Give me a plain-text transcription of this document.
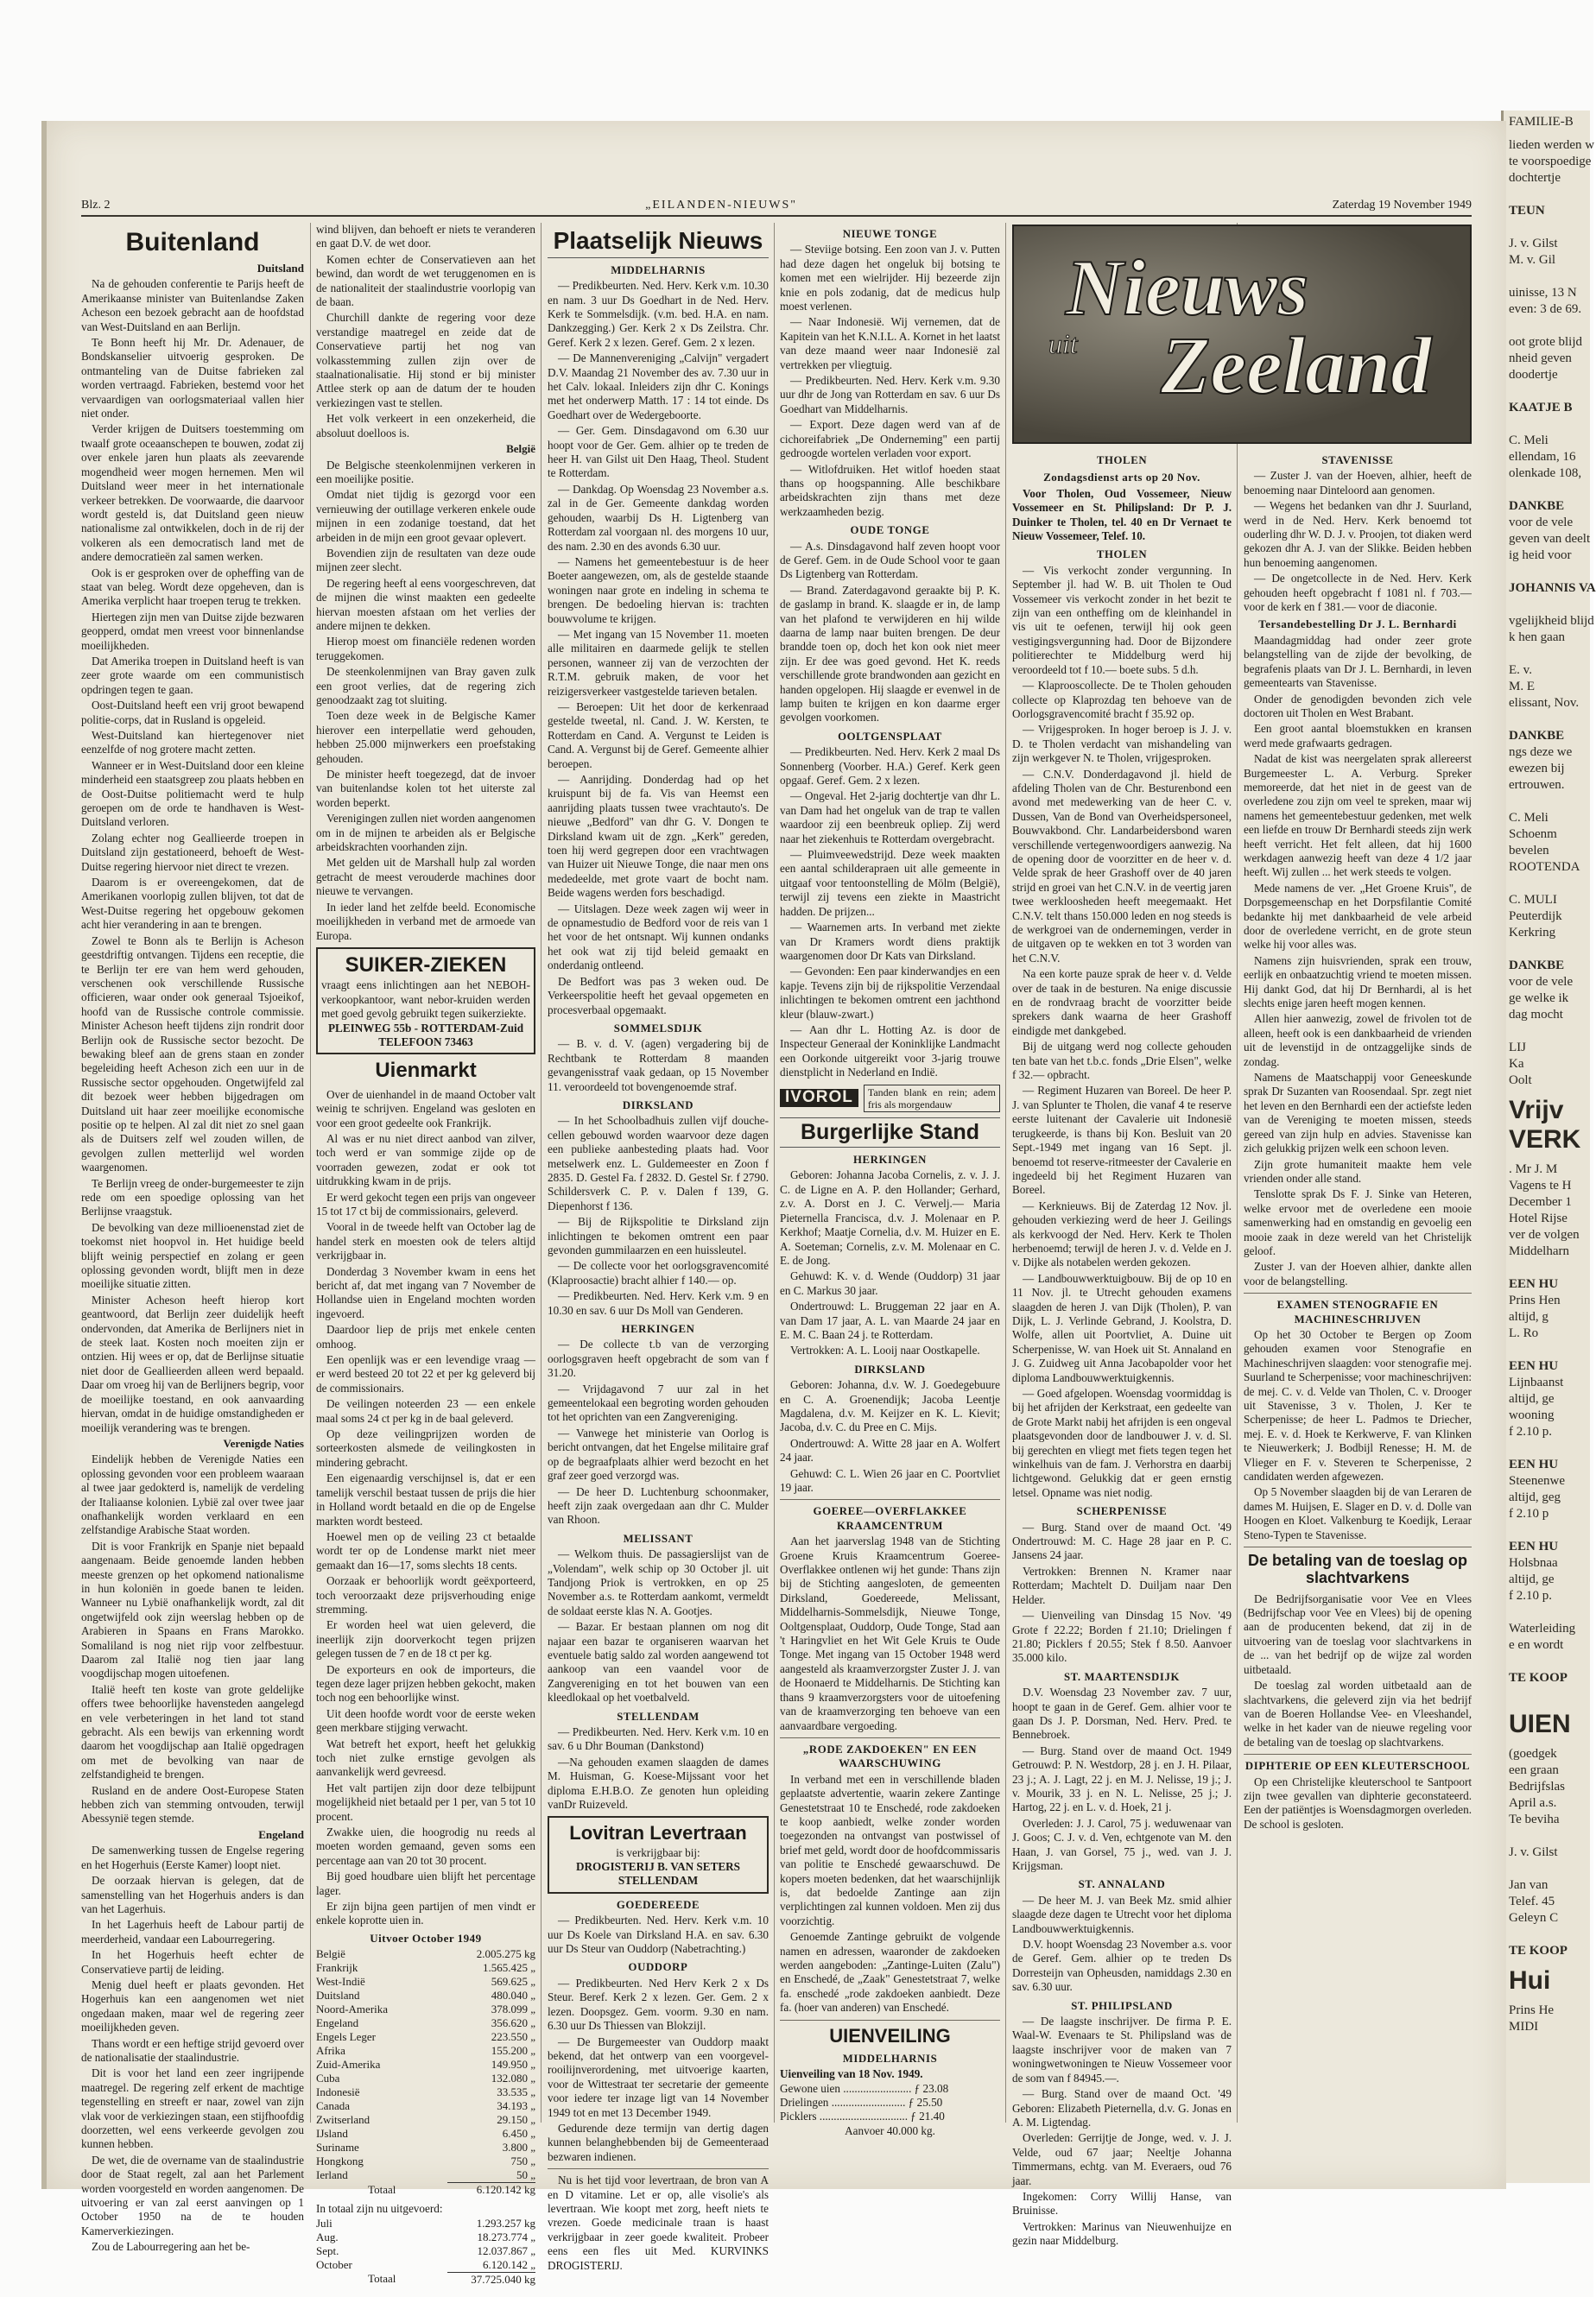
FAMILIE-B
lieden werden w
te voorspoedige
dochtertje

TEUN

J. v. Gilst
M. v. Gil

uinisse, 13 N
even: 3 de 69.

oot grote blijd
nheid geven
doodertje

KAATJE B

C. Meli
ellendam, 16
olenkade 108,

DANKBE
voor de vele
geven van deelt
ig heid voor

JOHANNIS VA

vgelijkheid blijd
k hen gaan

E. v.
M. E
elissant, Nov.

DANKBE
ngs deze we
ewezen bij
ertrouwen.

C. Meli
Schoenm
bevelen
ROOTENDA

C. MULI
Peuterdijk
Kerkring

DANKBE
voor de vele
ge welke ik
dag mocht

LIJ
Ka
Oolt
Vrijv
VERK
. Mr J. M
Vagens te H
December 1
Hotel Rijse
ver de volgen
Middelharn

EEN HU
Prins Hen
altijd, g
L. Ro

EEN HU
Lijnbaanst
altijd, ge
wooning
f 2.10 p.

EEN HU
Steenenwe
altijd, geg
f 2.10 p

EEN HU
Holsbnaa
altijd, ge
f 2.10 p.

Waterleiding
e en wordt

TE KOOP

UIEN
(goedgek
een graan
Bedrijfslas
April a.s.
Te beviha

J. v. Gilst

Jan van
Telef. 45
Geleyn C

TE KOOP

Hui
Prins He
MIDI
Blz. 2	„EILANDEN-NIEUWS"	Zaterdag 19 November 1949
Buitenland
Duitsland

Na de gehouden conferentie te Parijs heeft de Amerikaanse minister van Buitenlandse Zaken Acheson een bezoek gebracht aan de hoofdstad van West-Duitsland en aan Berlijn.

Te Bonn heeft hij Mr. Dr. Adenauer, de Bondskanselier uitvoerig gesproken. De ontmanteling van de Duitse fabrieken zal worden vertraagd. Fabrieken, bestemd voor het vervaardigen van oorlogsmateriaal vallen hier niet onder.

Verder krijgen de Duitsers toestemming om twaalf grote oceaanschepen te bouwen, zodat zij over enkele jaren hun plaats als zeevarende mogendheid weer mogen hernemen. Men wil Duitsland weer meer in het internationale verkeer betrekken. De voorwaarde, die daarvoor wordt gesteld is, dat Duitsland geen nieuw nationalisme zal ontwikkelen, doch in de rij der volkeren als een democratisch land met de andere democratieën zal samen werken.

Ook is er gesproken over de opheffing van de staat van beleg. Wordt deze opgeheven, dan is Amerika verplicht haar troepen terug te trekken.

Hiertegen zijn men van Duitse zijde bezwaren geopperd, omdat men vreest voor binnenlandse moeilijkheden.

Dat Amerika troepen in Duitsland heeft is van zeer grote waarde om een communistisch opdringen tegen te gaan.

Oost-Duitsland heeft een vrij groot bewapend politie-corps, dat in Rusland is opgeleid.

West-Duitsland kan hiertegenover niet eenzelfde of nog grotere macht zetten.

Wanneer er in West-Duitsland door een kleine minderheid een staatsgreep zou plaats hebben en de Oost-Duitse politiemacht werd te hulp geroepen om de orde te handhaven is West-Duitsland verloren.

Zolang echter nog Geallieerde troepen in Duitsland zijn gestationeerd, behoeft de West-Duitse regering hiervoor niet direct te vrezen.

Daarom is er overeengekomen, dat de Amerikanen voorlopig zullen blijven, tot dat de West-Duitse regering het opgebouw gekomen acht hier verandering in aan te brengen.

Zowel te Bonn als te Berlijn is Acheson geestdriftig ontvangen. Tijdens een receptie, die te Berlijn ter ere van hem werd gehouden, verschenen ook verschillende Russische officieren, waar onder ook generaal Tsjoeikof, hoofd van de Russische controle commissie. Minister Acheson heeft tijdens zijn rondrit door Berlijn ook de Russische sector bezocht. De bewaking bleef aan de grens staan en zonder begeleiding heeft Acheson zich een uur in de Russische sector opgehouden. Ongetwijfeld zal dit bezoek weer hebben bijgedragen om Duitsland uit haar zeer moeilijke economische positie op te helpen. Al zal dit niet zo snel gaan als de Duitsers zelf wel zouden willen, de gevolgen zullen metterlijd wel worden waargenomen.

Te Berlijn vreeg de onder-burgemeester te zijn rede om een spoedige oplossing van het Berlijnse vraagstuk.

De bevolking van deze millioenenstad ziet de toekomst niet hoopvol in. Het huidige beeld blijft weinig perspectief en zolang er geen oplossing gevonden wordt, blijft men in deze moeilijke situatie zitten.

Minister Acheson heeft hierop kort geantwoord, dat Berlijn zeer duidelijk heeft ondervonden, dat Amerika de Berlijners niet in de steek laat. Kosten noch moeiten zijn er ontzien. Hij wees er op, dat de Berlijnse situatie niet door de Geallieerden alleen werd bepaald. Daar om vroeg hij van de Berlijners begrip, voor de moeilijke toestand, en ook aanvaarding hiervan, omdat in de huidige omstandigheden er moeilijk verandering was te brengen.

Verenigde Naties

Eindelijk hebben de Verenigde Naties een oplossing gevonden voor een probleem waaraan al twee jaar gedokterd is, namelijk de verdeling der Italiaanse kolonien. Lybië zal over twee jaar onafhankelijk worden verklaard en een zelfstandige Arabische Staat worden.

Dit is voor Frankrijk en Spanje niet bepaald aangenaam. Beide genoemde landen hebben meeste grenzen op het opkomend nationalisme in hun koloniën in goede banen te leiden. Wanneer nu Lybië onafhankelijk wordt, zal dit ongetwijfeld ook zijn weerslag hebben op de Arabieren in Spaans en Frans Marokko. Somaliland is nog niet rijp voor zelfbestuur. Daarom zal Italië nog tien jaar lang voogdijschap mogen uitoefenen.

Italië heeft ten koste van grote geldelijke offers twee behoorlijke havensteden aangelegd en vele verbeteringen in het land tot stand gebracht. Als een bewijs van erkenning wordt daarom het voogdijschap aan Italië opgedragen om met de bevolking van naar de zelfstandigheid te brengen.

Rusland en de andere Oost-Europese Staten hebben zich van stemming ontvouden, terwijl Abessynië tegen stemde.

Engeland

De samenwerking tussen de Engelse regering en het Hogerhuis (Eerste Kamer) loopt niet.

De oorzaak hiervan is gelegen, dat de samenstelling van het Hogerhuis anders is dan van het Lagerhuis.

In het Lagerhuis heeft de Labour partij de meerderheid, vandaar een Labourregering.

In het Hogerhuis heeft echter de Conservatieve partij de leiding.

Menig duel heeft er plaats gevonden. Het Hogerhuis kan een aangenomen wet niet ongedaan maken, maar wel de regering zeer moeilijkheden geven.

Thans wordt er een heftige strijd gevoerd over de nationalisatie der staalindustrie.

Dit is voor het land een zeer ingrijpende maatregel. De regering zelf erkent de machtige tegenstelling en streeft er naar, zowel van zijn vlak voor de verkiezingen staan, een stijfhoofdig doorzetten, wel eens verkeerde gevolgen zou kunnen hebben.

De wet, die de overname van de staalindustrie door de Staat regelt, zal aan het Parlement worden voorgesteld en worden aangenomen. De uitvoering er van zal eerst aanvingen op 1 October 1950 na de te houden Kamerverkiezingen.

Zou de Labourregering aan het be-

wind blijven, dan behoeft er niets te veranderen en gaat D.V. de wet door.

Komen echter de Conservatieven aan het bewind, dan wordt de wet teruggenomen en is de nationaliteit der staalindustrie voorlopig van de baan.

Churchill dankte de regering voor deze verstandige maatregel en zeide dat de Conservatieve partij het nog van volkasstemming zullen zijn over de staalnationalisatie. Hij stond er bij minister Attlee sterk op aan de datum der te houden verkiezingen vast te stellen.

Het volk verkeert in een onzekerheid, die absoluut doelloos is.

België

De Belgische steenkolenmijnen verkeren in een moeilijke positie.

Omdat niet tijdig is gezorgd voor een vernieuwing der outillage verkeren enkele oude mijnen in een zodanige toestand, dat het arbeiden in de mijn een groot gevaar oplevert.

Bovendien zijn de resultaten van deze oude mijnen zeer slecht.

De regering heeft al eens voorgeschreven, dat de mijnen die winst maakten een gedeelte hiervan moesten afstaan om het verlies der andere mijnen te dekken.

Hierop moest om financiële redenen worden teruggekomen.

De steenkolenmijnen van Bray gaven zulk een groot verlies, dat de regering zich genoodzaakt zag tot sluiting.

Toen deze week in de Belgische Kamer hierover een interpellatie werd gehouden, hebben 25.000 mijnwerkers een proefstaking gehouden.

De minister heeft toegezegd, dat de invoer van buitenlandse kolen tot het uiterste zal worden beperkt.

Verenigingen zullen niet worden aangenomen om in de mijnen te arbeiden als er Belgische arbeidskrachten voorhanden zijn.

Met gelden uit de Marshall hulp zal worden getracht de meest verouderde machines door nieuwe te vervangen.

In ieder land het zelfde beeld. Economische moeilijkheden in verband met de armoede van Europa.

SUIKER-ZIEKEN
vraagt eens inlichtingen aan het NEBOH-verkoopkantoor, want nebor-kruiden werden met goed gevolg gebruikt tegen suikerziekte.
PLEINWEG 55b - ROTTERDAM-Zuid
TELEFOON 73463
Uienmarkt

Over de uienhandel in de maand October valt weinig te schrijven. Engeland was gesloten en voor een groot gedeelte ook Frankrijk.

Al was er nu niet direct aanbod van zilver, toch werd er van sommige zijde op de voorraden gewezen, zodat er ook tot uitdrukking kwam in de prijs.

Er werd gekocht tegen een prijs van ongeveer 15 tot 17 ct bij de commissionairs, geleverd.

Vooral in de tweede helft van October lag de handel sterk en moesten ook de telers altijd verkrijgbaar in.

Donderdag 3 November kwam in eens het bericht af, dat met ingang van 7 November de Hollandse uien in Engeland mochten worden ingevoerd.

Daardoor liep de prijs met enkele centen omhoog.

Een openlijk was er een levendige vraag — er werd besteed 20 tot 22 et per kg geleverd bij de commissionairs.

De veilingen noteerden 23 — een enkele maal soms 24 ct per kg in de baal geleverd.

Op deze veilingprijzen worden de sorteerkosten alsmede de veilingkosten in mindering gebracht.

Een eigenaardig verschijnsel is, dat er een tamelijk verschil bestaat tussen de prijs die hier in Holland wordt betaald en die op de Engelse markten wordt besteed.

Hoewel men op de veiling 23 ct betaalde wordt ter op de Londense markt niet meer gemaakt dan 16—17, soms slechts 18 cents.

Oorzaak er behoorlijk wordt geëxporteerd, toch veroorzaakt deze prijsverhouding enige stremming.

Er worden heel wat uien geleverd, die ineerlijk zijn doorverkocht tegen prijzen gelegen tussen de 7 en de 18 ct per kg.

De exporteurs en ook de importeurs, die tegen deze lager prijzen hebben gekocht, maken toch nog een behoorlijke winst.

Uit deen hoofde wordt voor de eerste weken geen merkbare stijging verwacht.

Wat betreft het export, heeft het gelukkig toch niet zulke ernstige gevolgen als aanvankelijk werd gevreesd.

Het valt partijen zijn door deze telbijpunt mogelijkheid niet betaald per 1 per, van 5 tot 10 procent.

Zwakke uien, die hoogrodig nu reeds al moeten worden gemaand, geven soms een percentage aan van 20 tot 30 procent.

Bij goed houdbare uien blijft het percentage lager.

Er zijn bijna geen partijen of men vindt er enkele koprotte uien in.

Uitvoer October 1949
België	2.005.275 kg
Frankrijk	1.565.425 „
West-Indië	569.625 „
Duitsland	480.040 „
Noord-Amerika	378.099 „
Engeland	356.620 „
Engels Leger	223.550 „
Afrika	155.200 „
Zuid-Amerika	149.950 „
Cuba	132.080 „
Indonesië	33.535 „
Canada	34.193 „
Zwitserland	29.150 „
IJsland	6.450 „
Suriname	3.800 „
Hongkong	750 „
Ierland	50 „
Totaal	6.120.142 kg
In totaal zijn nu uitgevoerd:
Juli	1.293.257 kg
Aug.	18.273.774 „
Sept.	12.037.867 „
October	6.120.142 „
Totaal	37.725.040 kg
Plaatselijk Nieuws
MIDDELHARNIS

— Predikbeurten. Ned. Herv. Kerk v.m. 10.30 en nam. 3 uur Ds Goedhart in de Ned. Herv. Kerk te Sommelsdijk. (v.m. bed. H.A. en nam. Dankzegging.) Ger. Kerk 2 x Ds Zeilstra. Chr. Geref. Kerk 2 x lezen. Geref. Gem. 2 x lezen.

— De Mannenvereniging „Calvijn" vergadert D.V. Maandag 21 November des av. 7.30 uur in het Calv. lokaal. Inleiders zijn dhr C. Konings met het onderwerp Matth. 17 : 14 tot einde. Ds Goedhart over de Wedergeboorte.

— Ger. Gem. Dinsdagavond om 6.30 uur hoopt voor de Ger. Gem. alhier op te treden de heer H. van Gilst uit Den Haag, Theol. Student te Rotterdam.

— Dankdag. Op Woensdag 23 November a.s. zal in de Ger. Gemeente dankdag worden gehouden, waarbij Ds H. Ligtenberg van Rotterdam zal voorgaan nl. des morgens 10 uur, des nam. 2.30 en des avonds 6.30 uur.

— Namens het gemeentebestuur is de heer Boeter aangewezen, om, als de gestelde staande woningen naar grote en indeling in schema te brengen. De bedoeling hiervan is: trachten bouwvolume te krijgen.

— Met ingang van 15 November 11. moeten alle militairen en daarmede gelijk te stellen personen, wanneer zij van de verzochten der R.T.M. gebruik maken, de voor het reizigersverkeer vastgestelde tarieven betalen.

— Beroepen: Uit het door de kerkenraad gestelde tweetal, nl. Cand. J. W. Kersten, te Rotterdam en Cand. A. Vergunst te Leiden is Cand. A. Vergunst bij de Geref. Gemeente alhier beroepen.

— Aanrijding. Donderdag had op het kruispunt bij de fa. Vis van Heemst een aanrijding plaats tussen twee vrachtauto's. De nieuwe „Bedford" van dhr G. V. Dongen te Dirksland kwam uit de zgn. „Kerk" gereden, toen hij werd gegrepen door een vrachtwagen van Huizer uit Nieuwe Tonge, die naar men ons mededeelde, met grote vaart de bocht nam. Beide wagens werden fors beschadigd.

— Uitslagen. Deze week zagen wij weer in de opnamestudio de Bedford voor de reis van 1 het voor de het ontsnapt. Wij kunnen ondanks het ook wat zij tijd beleid gemaakt en onderdanig ontleend.

De Bedfort was pas 3 weken oud. De Verkeerspolitie heeft het gevaal opgemeten en procesverbaal opgemaakt.

SOMMELSDIJK

— B. v. d. V. (agen) vergadering bij de Rechtbank te Rotterdam 8 maanden gevangenisstraf vaak gedaan, op 15 November 11. veroordeeld tot bovengenoemde straf.

DIRKSLAND

— In het Schoolbadhuis zullen vijf douche-cellen gebouwd worden waarvoor deze dagen een publieke aanbesteding plaats had. Voor metselwerk enz. L. Guldemeester en Zoon f 2835. D. Gestel Fa. f 2832. D. Gestel Sr. f 2790. Schildersverk C. P. v. Dalen f 139, G. Diepenhorst f 136.

— Bij de Rijkspolitie te Dirksland zijn inlichtingen te bekomen omtrent een paar gevonden gummilaarzen en een huissleutel.

— De collecte voor het oorlogsgravencomité (Klaproosactie) bracht alhier f 140.— op.

— Predikbeurten. Ned. Herv. Kerk v.m. 9 en 10.30 en sav. 6 uur Ds Moll van Genderen.

HERKINGEN

— De collecte t.b van de verzorging oorlogsgraven heeft opgebracht de som van f 31.20.

— Vrijdagavond 7 uur zal in het gemeentelokaal een begroting worden gehouden tot het oprichten van een Zangvereniging.

— Vanwege het ministerie van Oorlog is bericht ontvangen, dat het Engelse militaire graf op de begraafplaats alhier werd bezocht en het graf zeer goed verzorgd was.

— De heer D. Luchtenburg schoonmaker, heeft zijn zaak overgedaan aan dhr C. Mulder van Rhoon.

MELISSANT

— Welkom thuis. De passagierslijst van de „Volendam", welk schip op 30 October jl. uit Tandjong Priok is vertrokken, en op 25 November a.s. te Rotterdam aankomt, vermeldt de soldaat eerste klas N. A. Gootjes.

— Bazar. Er bestaan plannen om nog dit najaar een bazar te organiseren waarvan het eventuele batig saldo zal worden aangewend tot aankoop van een vaandel voor de Zangvereniging en tot het bouwen van een kleedlokaal op het voetbalveld.

STELLENDAM

— Predikbeurten. Ned. Herv. Kerk v.m. 10 en sav. 6 u Dhr Bouman (Dankstond)

—Na gehouden examen slaagden de dames M. Huisman, G. Koese-Mijssant voor het diploma E.H.B.O. Ze genoten hun opleiding vanDr Ruizeveld.

Lovitran Levertraan
is verkrijgbaar bij:
DROGISTERIJ B. VAN SETERS
STELLENDAM
GOEDEREEDE

— Predikbeurten. Ned. Herv. Kerk v.m. 10 uur Ds Koele van Dirksland H.A. en sav. 6.30 uur Ds Steur van Ouddorp (Nabetrachting.)

OUDDORP

— Predikbeurten. Ned Herv Kerk 2 x Ds Steur. Beref. Kerk 2 x lezen. Ger. Gem. 2 x lezen. Doopsgez. Gem. voorm. 9.30 en nam. 6.30 uur Ds Thiessen van Blokzijl.

— De Burgemeester van Ouddorp maakt bekend, dat het ontwerp van een voorgevel-rooilijnverordening, met uitvoerige kaarten, voor de Wittestraat ter secretarie der gemeente voor iedere ter inzage ligt van 14 November 1949 tot en met 13 December 1949.

Gedurende deze termijn van dertig dagen kunnen belanghebbenden bij de Gemeenteraad bezwaren indienen.

Nu is het tijd voor levertraan, de bron van A en D vitamine. Let er op, alle visolie's als levertraan. Wie koopt met zorg, heeft niets te vrezen. Goede medicinale traan is haast verkrijgbaar in zeer goede kwaliteit. Probeer eens een fles uit Med. KURVINKS DROGISTERIJ.

NIEUWE TONGE

— Steviige botsing. Een zoon van J. v. Putten had deze dagen het ongeluk bij botsing te komen met een wielrijder. Hij bezeerde zijn knie en pols zodanig, dat de medicus hulp moest verlenen.

— Naar Indonesië. Wij vernemen, dat de Kapitein van het K.N.I.L. A. Kornet in het laatst van deze maand weer naar Indonesië zal vertrekken per vliegtuig.

— Predikbeurten. Ned. Herv. Kerk v.m. 9.30 uur dhr de Jong van Rotterdam en sav. 6 uur Ds Goedhart van Middelharnis.

— Export. Deze dagen werd van af de cichoreifabriek „De Onderneming" een partij gedroogde wortelen verladen voor export.

— Witlofdruiken. Het witlof hoeden staat thans op hoogspanning. Alle beschikbare arbeidskrachten zijn thans met deze werkzaamheden bezig.

OUDE TONGE

— A.s. Dinsdagavond half zeven hoopt voor de Geref. Gem. in de Oude School voor te gaan Ds Ligtenberg van Rotterdam.

— Brand. Zaterdagavond geraakte bij P. K. de gaslamp in brand. K. slaagde er in, de lamp van het plafond te verwijderen en hij wilde daarna de lamp naar buiten brengen. De deur brandde toen op, doch het kon ook niet meer zijn. Er dee was goed gevond. Het K. reeds verschillende grote brandwonden aan gezicht en handen opgelopen. Hij slaagde er evenwel in de lamp buiten te krijgen en kon daarme erger gevolgen voorkomen.

OOLTGENSPLAAT

— Predikbeurten. Ned. Herv. Kerk 2 maal Ds Sonnenberg (Voorber. H.A.) Geref. Kerk geen opgaaf. Geref. Gem. 2 x lezen.

— Ongeval. Het 2-jarig dochtertje van dhr L. van Dam had het ongeluk van de trap te vallen waardoor zij een beenbreuk opliep. Zij werd naar het ziekenhuis te Rotterdam overgebracht.

— Pluimveewedstrijd. Deze week maakten een aantal schilderapraen uit alle gemeente in uitgaaf voor tentoonstelling de Mölm (België), terwijl zij tevens een ziekte in Maastricht hadden. De prijzen...

— Waarnemen arts. In verband met ziekte van Dr Kramers wordt diens praktijk waargenomen door Dr Kats van Dirksland.

— Gevonden: Een paar kinderwandjes en een kapje. Tevens zijn bij de rijkspolitie Verzendaal inlichtingen te bekomen omtrent een jachthond kleur (blauw-zwart.)

— Aan dhr L. Hotting Az. is door de Inspecteur Generaal der Koninklijke Landmacht een Oorkonde uitgereikt voor 3-jarig trouwe dienstplicht in Nederland en Indië.

IVOROL	Tanden blank en rein; adem fris als morgendauw
Burgerlijke Stand
HERKINGEN

Geboren: Johanna Jacoba Cornelis, z. v. J. J. C. de Ligne en A. P. den Hollander; Gerhard, z.v. A. Dorst en J. C. Verwelj.— Maria Pieternella Francisca, d.v. J. Molenaar en P. Kerkhof; Maatje Cornelia, d.v. M. Huizer en E. A. Soeteman; Cornelis, z.v. M. Molenaar en C. E. de Jong.

Gehuwd: K. v. d. Wende (Ouddorp) 31 jaar en C. Markus 30 jaar.

Ondertrouwd: L. Bruggeman 22 jaar en A. van Dam 17 jaar, A. L. van Maarde 24 jaar en E. M. C. Baan 24 j. te Rotterdam.

Vertrokken: A. L. Looij naar Oostkapelle.

DIRKSLAND

Geboren: Johanna, d.v. W. J. Goedegebuure en C. A. Groenendijk; Jacoba Leentje Magdalena, d.v. M. Keijzer en K. L. Kievit; Jacoba, d.v. C. du Pree en C. Mijs.

Ondertrouwd: A. Witte 28 jaar en A. Wolfert 24 jaar.

Gehuwd: C. L. Wien 26 jaar en C. Poortvliet 19 jaar.

GOEREE—OVERFLAKKEE KRAAMCENTRUM

Aan het jaarverslag 1948 van de Stichting Groene Kruis Kraamcentrum Goeree-Overflakkee ontlenen wij het gunde: Thans zijn bij de Stichting aangesloten, de gemeenten Dirksland, Goedereede, Melissant, Middelharnis-Sommelsdijk, Nieuwe Tonge, Ooltgensplaat, Ouddorp, Oude Tonge, Stad aan 't Haringvliet en het Wit Gele Kruis te Oude Tonge. Met ingang van 15 October 1948 werd aangesteld als kraamverzorgster Zuster J. J. van de Hoonaerd te Middelharnis. De Stichting kan thans 9 kraamverzorgsters voor de uitoefening van de kraamverzorging ten behoeve van een aanvaardbare vergoeding.

„RODE ZAKDOEKEN" EN EEN WAARSCHUWING

In verband met een in verschillende bladen geplaatste advertentie, waarin zekere Zantinge Genestetstraat 10 te Enschedé, rode zakdoeken te koop aanbiedt, welke zonder worden toegezonden na ontvangst van postwissel of brief met geld, wordt door de hoofdcommissaris van politie te Enschedé gewaarschuwd. De kopers moeten bedenken, dat het waarschijnlijk is, dat bedoelde Zantinge aan zijn verplichtingen zal kunnen voldoen. Men zij dus voorzichtig.

Genoemde Zantinge gebruikt de volgende namen en adressen, waaronder de zakdoeken werden aangeboden: „Zantinge-Luiten (Zalu") en Enschedé, de „Zaak" Genestetstraat 7, welke fa. enschedé „rode zakdoeken aanbiedt. Deze fa. (hoer van anderen) van Enschedé.

UIENVEILING
MIDDELHARNIS
Uienveiling van 18 Nov. 1949.
Gewone uien ........................ ƒ 23.08
Drielingen .......................... ƒ 25.50
Picklers ............................... ƒ 21.40
Aanvoer 40.000 kg.
Nieuws
uit Zeeland
THOLEN
Zondagsdienst arts op 20 Nov.

Voor Tholen, Oud Vossemeer, Nieuw Vossemeer en St. Philipsland: Dr P. J. Duinker te Tholen, tel. 40 en Dr Vernaet te Nieuw Vossemeer, Telef. 10.

THOLEN

— Vis verkocht zonder vergunning. In September jl. had W. B. uit Tholen te Oud Vossemeer vis verkocht zonder in het bezit te zijn van een ontheffing om de kleinhandel in vis uit te oefenen, terwijl hij ook geen vestigingsvergunning had. Door de Bijzondere politierechter te Middelburg werd hij veroordeeld tot f 10.— boete subs. 5 d.h.

— Klaprooscollecte. De te Tholen gehouden collecte op Klaprozdag ten behoeve van de Oorlogsgravencomité bracht f 35.92 op.

— Vrijgesproken. In hoger beroep is J. J. v. D. te Tholen verdacht van mishandeling van zijn werkgever N. te Tholen, vrijgesproken.

— C.N.V. Donderdagavond jl. hield de afdeling Tholen van de Chr. Besturenbond een avond met medewerking van de heer C. v. Dussen, Van de Bond van Overheidspersoneel, Bouwvakbond. Chr. Landarbeidersbond waren verschillende vertegenwoordigers aanwezig. Na de opening door de voorzitter en de heer v. d. Velde sprak de heer Grashoff over de 40 jaren strijd en groei van het C.N.V. in de veertig jaren twee werkloosheden heeft meegemaakt. Het C.N.V. telt thans 150.000 leden en nog steeds is de werkgroei van de ondernemingen, verder in de uitgaven op te wekken en tot 3 worden van het C.N.V.

Na een korte pauze sprak de heer v. d. Velde over de taak in de besturen. Na enige discussie en de rondvraag bracht de voorzitter beide sprekers dank waarna de heer Grashoff eindigde met dankgebed.

Bij de uitgang werd nog collecte gehouden ten bate van het t.b.c. fonds „Drie Elsen", welke f 32.— opbracht.

— Regiment Huzaren van Boreel. De heer P. J. van Splunter te Tholen, die vanaf 4 te reserve eerste luitenant der Cavalerie uit Indonesië terugkeerde, is thans bij Kon. Besluit van 20 Sept.-1949 met ingang van 16 Sept. jl. benoemd tot reserve-ritmeester der Cavalerie en ingedeeld bij het Regiment Huzaren van Boreel.

— Kerknieuws. Bij de Zaterdag 12 Nov. jl. gehouden verkiezing werd de heer J. Geilings als kerkvoogd der Ned. Herv. Kerk te Tholen herbenoemd; terwijl de heren J. v. d. Velde en J. v. Dijke als notabelen werden gekozen.

— Landbouwwerktuigbouw. Bij de op 10 en 11 Nov. jl. te Utrecht gehouden examens slaagden de heren J. van Dijk (Tholen), P. van Dijk, L. J. Verlinde Gebrand, J. Koolstra, D. Wolfe, allen uit Poortvliet, A. Duine uit Scherpenisse, W. van Hoek uit St. Annaland en J. G. Zuidweg uit Anna Jacobapolder voor het diploma Landbouwwerktuigkennis.

— Goed afgelopen. Woensdag voormiddag is bij het afrijden der Kerkstraat, een gedeelte van de Grote Markt nabij het afrijden is een ongeval plaatsgevonden door de landbouwer J. v. d. Sl. bij gerechten en vliegt met fiets tegen tegen het winkelhuis van de fam. J. Verhorstra en daarbij lichtgewond. Gelukkig dat er geen ernstig letsel. Opname was niet nodig.

SCHERPENISSE

— Burg. Stand over de maand Oct. '49 Ondertrouwd: M. C. Hage 28 jaar en P. C. Jansens 24 jaar.

Vertrokken: Brennen N. Kramer naar Rotterdam; Machtelt D. Duiljam naar Den Helder.

— Uienveiling van Dinsdag 15 Nov. '49 Grote f 22.22; Borden f 21.10; Drielingen f 21.80; Picklers f 20.55; Stek f 8.50. Aanvoer 35.000 kilo.

ST. MAARTENSDIJK

D.V. Woensdag 23 November zav. 7 uur, hoopt te gaan in de Geref. Gem. alhier voor te gaan Ds J. P. Dorsman, Ned. Herv. Pred. te Bennebroek.

— Burg. Stand over de maand Oct. 1949 Getrouwd: P. N. Westdorp, 28 j. en J. H. Pilaar, 23 j.; A. J. Lagt, 22 j. en M. J. Nelisse, 19 j.; J. v. Mourik, 33 j. en N. L. Nelisse, 25 j.; J. Hartog, 22 j. en L. v. d. Hoek, 21 j.

Overleden: J. J. Carol, 75 j. weduwenaar van J. Goos; C. J. v. d. Ven, echtgenote van M. den Haan, J. van Gorsel, 75 j., wed. van J. J. Krijgsman.

ST. ANNALAND

— De heer M. J. van Beek Mz. smid alhier slaagde deze dagen te Utrecht voor het diploma Landbouwwerktuigkennis.

D.V. hoopt Woensdag 23 November a.s. voor de Geref. Gem. alhier op te treden Ds Dorresteijn van Opheusden, namiddags 2.30 en sav. 6.30 uur.

ST. PHILIPSLAND

— De laagste inschrijver. De firma P. E. Waal-W. Evenaars te St. Philipsland was de laagste inschrijver voor de maken van 7 woningwetwoningen te Nieuw Vossemeer voor de som van f 84945.—.

— Burg. Stand over de maand Oct. '49 Geboren: Elizabeth Pieternella, d.v. G. Jonas en A. M. Ligtendag.

Overleden: Gerrijtje de Jonge, wed. v. J. J. Velde, oud 67 jaar; Neeltje Johanna Timmermans, echtg. van M. Everaers, oud 76 jaar.

Ingekomen: Corry Willij Hanse, van Bruinisse.

Vertrokken: Marinus van Nieuwenhuijze en gezin naar Middelburg.

STAVENISSE

— Zuster J. van der Hoeven, alhier, heeft de benoeming naar Dinteloord aan genomen.

— Wegens het bedanken van dhr J. Suurland, werd in de Ned. Herv. Kerk benoemd tot ouderling dhr W. D. J. v. Proojen, tot diaken werd gekozen dhr A. J. van der Slikke. Beiden hebben hun benoeming aangenomen.

— De ongetcollecte in de Ned. Herv. Kerk gehouden heeft opgebracht f 1081 nl. f 703.— voor de kerk en f 381.— voor de diaconie.

Tersandebestelling Dr J. L. Bernhardi

Maandagmiddag had onder zeer grote belangstelling van de zijde der bevolking, de begrafenis plaats van Dr J. L. Bernhardi, in leven gemeentearts van Stavenisse.

Onder de genodigden bevonden zich vele doctoren uit Tholen en West Brabant.

Een groot aantal bloemstukken en kransen werd mede grafwaarts gedragen.

Nadat de kist was neergelaten sprak allereerst Burgemeester L. A. Verburg. Spreker memoreerde, dat het niet in de geest van de overledene zou zijn om veel te spreken, maar wij namens het gemeentebestuur gedenken, met welk een liefde en trouw Dr Bernhardi steeds zijn werk heeft verricht. Het felt alleen, dat hij 1600 werkdagen aanwezig heeft van deze 4 1/2 jaar heeft. Wij zullen ... het werk steeds te volgen.

Mede namens de ver. „Het Groene Kruis", de Dorpsgemeenschap en het Dorpsfilantie Comité bedankte hij met dankbaarheid de vele arbeid door de overledene verricht, en de grote steun welke hij voor alles was.

Namens zijn huisvrienden, sprak een trouw, eerlijk en onbaatzuchtig vriend te moeten missen. Hij dankt God, dat hij Dr Bernhardi, al is het slechts enige jaren heeft mogen kennen.

Allen hier aanwezig, zowel de frivolen tot de alleen, heeft ook is een dankbaarheid de vrienden uit de levenstijd in de ontzaggelijke sinds de zondag.

Namens de Maatschappij voor Geneeskunde sprak Dr Suzanten van Roosendaal. Spr. zegt niet het leven en den Bernhardi een der actiefste leden van de Vereniging te moeten missen, steeds gereed van zijn hulp en advies. Stavenisse kan zich gelukkig prijzen welk een schoon leven.

Zijn grote humaniteit maakte hem vele vrienden onder alle stand.

Tenslotte sprak Ds F. J. Sinke van Heteren, welke ervoor met de overledene een mooie samenwerking had en omstandig en gevoelig een mooie zaak in deze wereld van het Christelijk geloof.

Zuster J. van der Hoeven alhier, dankte allen voor de belangstelling.

EXAMEN STENOGRAFIE EN MACHINESCHRIJVEN

Op het 30 October te Bergen op Zoom gehouden examen voor Stenografie en Machineschrijven slaagden: voor stenografie mej. Suurland te Scherpenisse; voor machineschrijven: de mej. C. v. d. Velde van Tholen, C. v. Drooger uit Stavenisse, 3 v. Tholen, J. Ker te Scherpenisse; de heer L. Padmos te Driecher, mej. E. v. d. Hoek te Kerkwerve, F. van Klinken te Nieuwerkerk; J. Bodbijl Renesse; H. M. de Vlieger en F. v. Steveren te Scherpenisse, 2 candidaten werden afgewezen.

Op 5 November slaagden bij de van Leraren de dames M. Huijsen, E. Slager en D. v. d. Dolle van Hoogen en Kloet. Valkenburg te Koedijk, Leraar Steno-Typen te Stavenisse.

De betaling van de toeslag op slachtvarkens

De Bedrijfsorganisatie voor Vee en Vlees (Bedrijfschap voor Vee en Vlees) bij de opening aan de producenten bekend, dat zij in de uitvoering van de toeslag voor slachtvarkens in de ... van het bedrijf op de wijze zal worden uitbetaald.

De toeslag zal worden uitbetaald aan de slachtvarkens, die geleverd zijn via het bedrijf van de Boeren Hollandse Vee- en Vleeshandel, welke in het kader van de nieuwe regeling voor de betaling van de toeslag op slachtvarkens.

DIPHTERIE OP EEN KLEUTERSCHOOL

Op een Christelijke kleuterschool te Santpoort zijn twee gevallen van diphterie geconstateerd. Een der patiëntjes is Woensdagmorgen overleden. De school is gesloten.
